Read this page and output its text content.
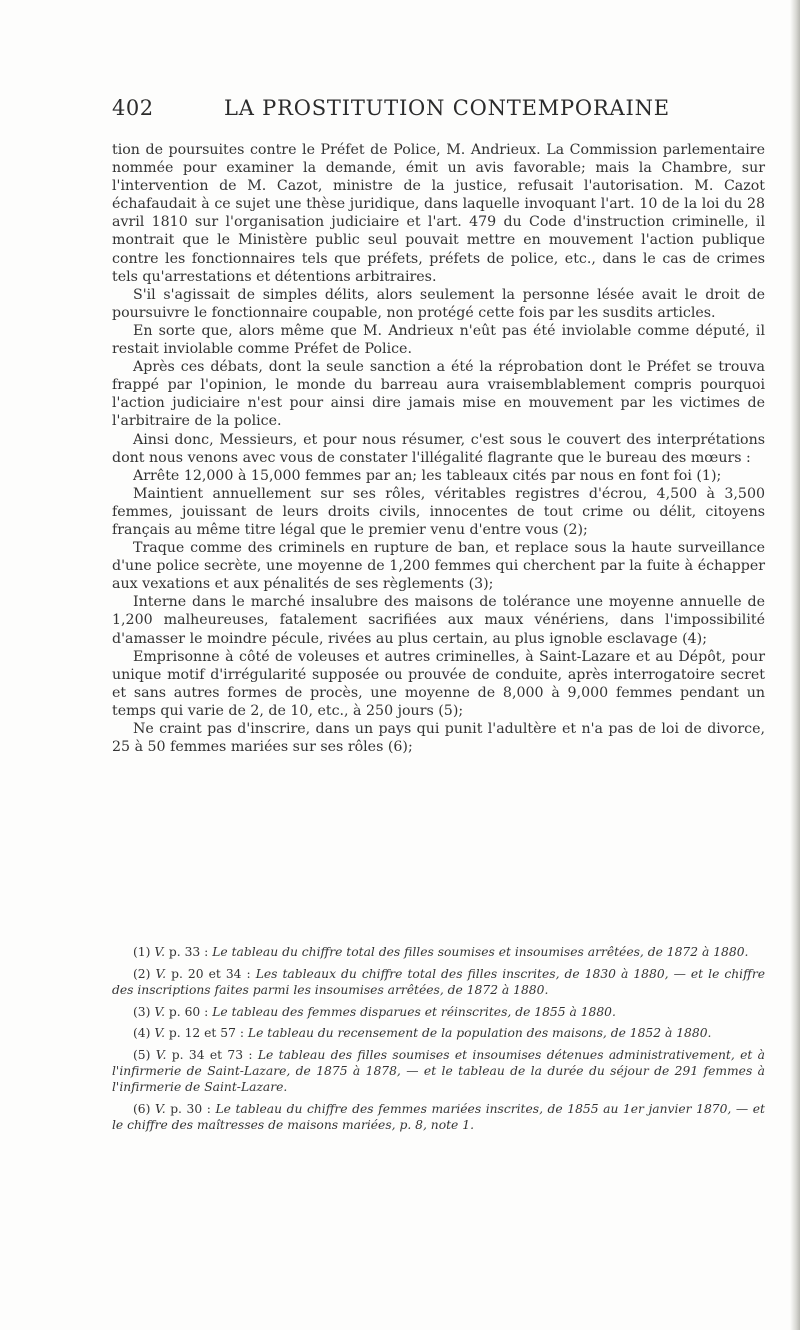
402	LA PROSTITUTION CONTEMPORAINE

tion de poursuites contre le Préfet de Police, M. Andrieux. La Commission parlementaire nommée pour examiner la demande, émit un avis favorable; mais la Chambre, sur l'intervention de M. Cazot, ministre de la justice, refusait l'autorisation. M. Cazot échafaudait à ce sujet une thèse juridique, dans laquelle invoquant l'art. 10 de la loi du 28 avril 1810 sur l'organisation judiciaire et l'art. 479 du Code d'instruction criminelle, il montrait que le Ministère public seul pouvait mettre en mouvement l'action publique contre les fonctionnaires tels que préfets, préfets de police, etc., dans le cas de crimes tels qu'arrestations et détentions arbitraires.

S'il s'agissait de simples délits, alors seulement la personne lésée avait le droit de poursuivre le fonctionnaire coupable, non protégé cette fois par les susdits articles.

En sorte que, alors même que M. Andrieux n'eût pas été inviolable comme député, il restait inviolable comme Préfet de Police.

Après ces débats, dont la seule sanction a été la réprobation dont le Préfet se trouva frappé par l'opinion, le monde du barreau aura vraisemblablement compris pourquoi l'action judiciaire n'est pour ainsi dire jamais mise en mouvement par les victimes de l'arbitraire de la police.

Ainsi donc, Messieurs, et pour nous résumer, c'est sous le couvert des interprétations dont nous venons avec vous de constater l'illégalité flagrante que le bureau des mœurs :

Arrête 12,000 à 15,000 femmes par an; les tableaux cités par nous en font foi (1);

Maintient annuellement sur ses rôles, véritables registres d'écrou, 4,500 à 3,500 femmes, jouissant de leurs droits civils, innocentes de tout crime ou délit, citoyens français au même titre légal que le premier venu d'entre vous (2);

Traque comme des criminels en rupture de ban, et replace sous la haute surveillance d'une police secrète, une moyenne de 1,200 femmes qui cherchent par la fuite à échapper aux vexations et aux pénalités de ses règlements (3);

Interne dans le marché insalubre des maisons de tolérance une moyenne annuelle de 1,200 malheureuses, fatalement sacrifiées aux maux vénériens, dans l'impossibilité d'amasser le moindre pécule, rivées au plus certain, au plus ignoble esclavage (4);

Emprisonne à côté de voleuses et autres criminelles, à Saint-Lazare et au Dépôt, pour unique motif d'irrégularité supposée ou prouvée de conduite, après interrogatoire secret et sans autres formes de procès, une moyenne de 8,000 à 9,000 femmes pendant un temps qui varie de 2, de 10, etc., à 250 jours (5);

Ne craint pas d'inscrire, dans un pays qui punit l'adultère et n'a pas de loi de divorce, 25 à 50 femmes mariées sur ses rôles (6);

(1) V. p. 33 : Le tableau du chiffre total des filles soumises et insoumises arrêtées, de 1872 à 1880.

(2) V. p. 20 et 34 : Les tableaux du chiffre total des filles inscrites, de 1830 à 1880, — et le chiffre des inscriptions faites parmi les insoumises arrêtées, de 1872 à 1880.

(3) V. p. 60 : Le tableau des femmes disparues et réinscrites, de 1855 à 1880.

(4) V. p. 12 et 57 : Le tableau du recensement de la population des maisons, de 1852 à 1880.

(5) V. p. 34 et 73 : Le tableau des filles soumises et insoumises détenues administrativement, et à l'infirmerie de Saint-Lazare, de 1875 à 1878, — et le tableau de la durée du séjour de 291 femmes à l'infirmerie de Saint-Lazare.

(6) V. p. 30 : Le tableau du chiffre des femmes mariées inscrites, de 1855 au 1er janvier 1870, — et le chiffre des maîtresses de maisons mariées, p. 8, note 1.
